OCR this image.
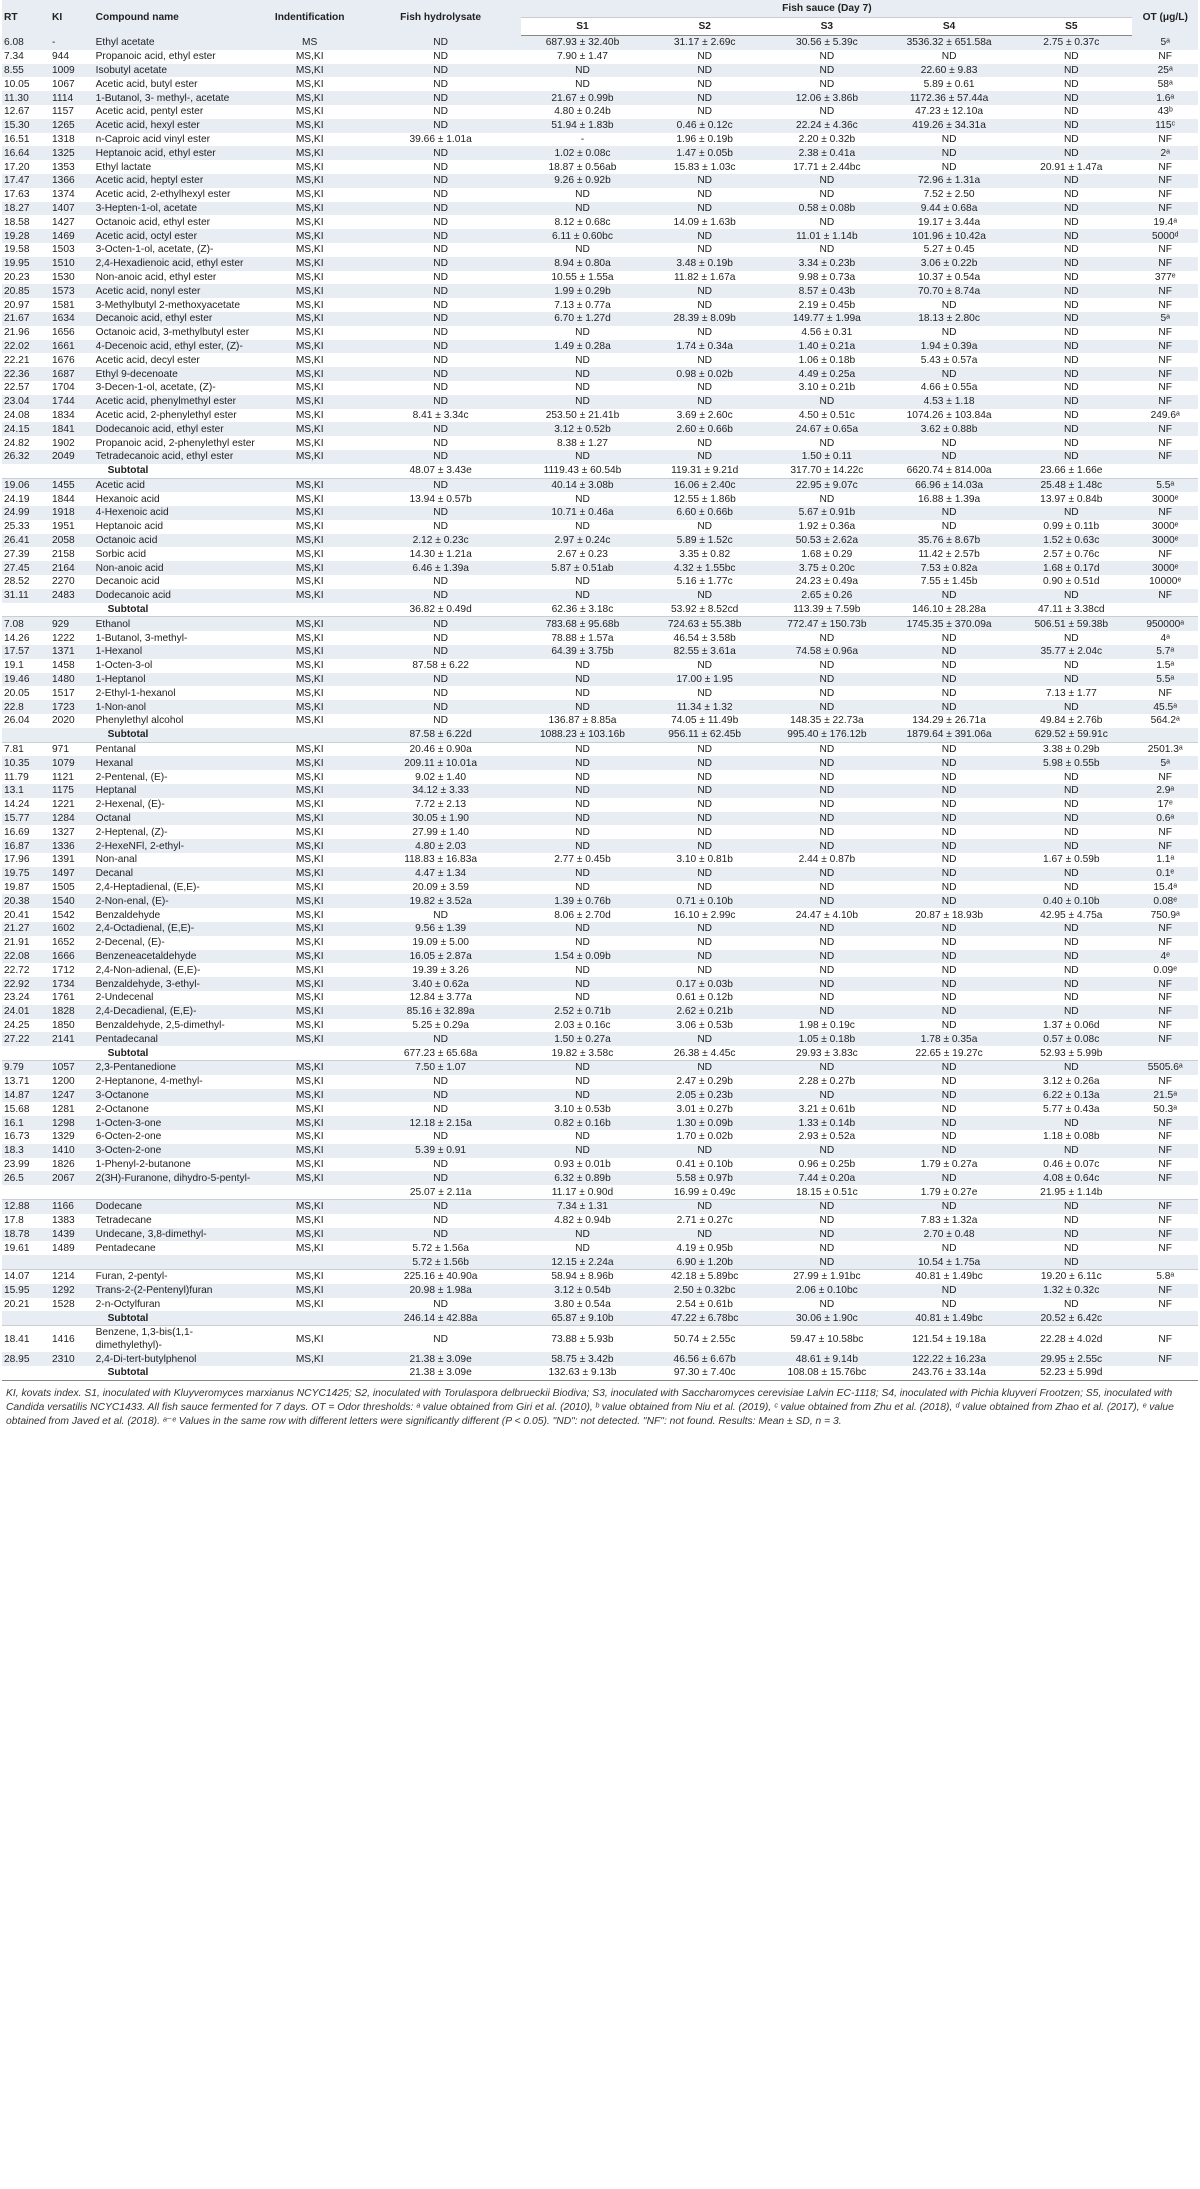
RT	KI	Compound name	Indentification	Fish hydrolysate	Fish sauce (Day 7)					OT (μg/L)
					S1	S2	S3	S4	S5	
6.08	-	Ethyl acetate	MS	ND	687.93 ± 32.40b	31.17 ± 2.69c	30.56 ± 5.39c	3536.32 ± 651.58a	2.75 ± 0.37c	5ᵃ
7.34	944	Propanoic acid, ethyl ester	MS,KI	ND	7.90 ± 1.47	ND	ND	ND	ND	NF
8.55	1009	Isobutyl acetate	MS,KI	ND	ND	ND	ND	22.60 ± 9.83	ND	25ᵃ
10.05	1067	Acetic acid, butyl ester	MS,KI	ND	ND	ND	ND	5.89 ± 0.61	ND	58ᵃ
11.30	1114	1-Butanol, 3- methyl-, acetate	MS,KI	ND	21.67 ± 0.99b	ND	12.06 ± 3.86b	1172.36 ± 57.44a	ND	1.6ᵃ
12.67	1157	Acetic acid, pentyl ester	MS,KI	ND	4.80 ± 0.24b	ND	ND	47.23 ± 12.10a	ND	43ᵇ
15.30	1265	Acetic acid, hexyl ester	MS,KI	ND	51.94 ± 1.83b	0.46 ± 0.12c	22.24 ± 4.36c	419.26 ± 34.31a	ND	115ᶜ
16.51	1318	n-Caproic acid vinyl ester	MS,KI	39.66 ± 1.01a	-	1.96 ± 0.19b	2.20 ± 0.32b	ND	ND	NF
16.64	1325	Heptanoic acid, ethyl ester	MS,KI	ND	1.02 ± 0.08c	1.47 ± 0.05b	2.38 ± 0.41a	ND	ND	2ᵃ
17.20	1353	Ethyl lactate	MS,KI	ND	18.87 ± 0.56ab	15.83 ± 1.03c	17.71 ± 2.44bc	ND	20.91 ± 1.47a	NF
17.47	1366	Acetic acid, heptyl ester	MS,KI	ND	9.26 ± 0.92b	ND	ND	72.96 ± 1.31a	ND	NF
17.63	1374	Acetic acid, 2-ethylhexyl ester	MS,KI	ND	ND	ND	ND	7.52 ± 2.50	ND	NF
18.27	1407	3-Hepten-1-ol, acetate	MS,KI	ND	ND	ND	0.58 ± 0.08b	9.44 ± 0.68a	ND	NF
18.58	1427	Octanoic acid, ethyl ester	MS,KI	ND	8.12 ± 0.68c	14.09 ± 1.63b	ND	19.17 ± 3.44a	ND	19.4ᵃ
19.28	1469	Acetic acid, octyl ester	MS,KI	ND	6.11 ± 0.60bc	ND	11.01 ± 1.14b	101.96 ± 10.42a	ND	5000ᵈ
19.58	1503	3-Octen-1-ol, acetate, (Z)-	MS,KI	ND	ND	ND	ND	5.27 ± 0.45	ND	NF
19.95	1510	2,4-Hexadienoic acid, ethyl ester	MS,KI	ND	8.94 ± 0.80a	3.48 ± 0.19b	3.34 ± 0.23b	3.06 ± 0.22b	ND	NF
20.23	1530	Non-anoic acid, ethyl ester	MS,KI	ND	10.55 ± 1.55a	11.82 ± 1.67a	9.98 ± 0.73a	10.37 ± 0.54a	ND	377ᵉ
20.85	1573	Acetic acid, nonyl ester	MS,KI	ND	1.99 ± 0.29b	ND	8.57 ± 0.43b	70.70 ± 8.74a	ND	NF
20.97	1581	3-Methylbutyl 2-methoxyacetate	MS,KI	ND	7.13 ± 0.77a	ND	2.19 ± 0.45b	ND	ND	NF
21.67	1634	Decanoic acid, ethyl ester	MS,KI	ND	6.70 ± 1.27d	28.39 ± 8.09b	149.77 ± 1.99a	18.13 ± 2.80c	ND	5ᵃ
21.96	1656	Octanoic acid, 3-methylbutyl ester	MS,KI	ND	ND	ND	4.56 ± 0.31	ND	ND	NF
22.02	1661	4-Decenoic acid, ethyl ester, (Z)-	MS,KI	ND	1.49 ± 0.28a	1.74 ± 0.34a	1.40 ± 0.21a	1.94 ± 0.39a	ND	NF
22.21	1676	Acetic acid, decyl ester	MS,KI	ND	ND	ND	1.06 ± 0.18b	5.43 ± 0.57a	ND	NF
22.36	1687	Ethyl 9-decenoate	MS,KI	ND	ND	0.98 ± 0.02b	4.49 ± 0.25a	ND	ND	NF
22.57	1704	3-Decen-1-ol, acetate, (Z)-	MS,KI	ND	ND	ND	3.10 ± 0.21b	4.66 ± 0.55a	ND	NF
23.04	1744	Acetic acid, phenylmethyl ester	MS,KI	ND	ND	ND	ND	4.53 ± 1.18	ND	NF
24.08	1834	Acetic acid, 2-phenylethyl ester	MS,KI	8.41 ± 3.34c	253.50 ± 21.41b	3.69 ± 2.60c	4.50 ± 0.51c	1074.26 ± 103.84a	ND	249.6ᵃ
24.15	1841	Dodecanoic acid, ethyl ester	MS,KI	ND	3.12 ± 0.52b	2.60 ± 0.66b	24.67 ± 0.65a	3.62 ± 0.88b	ND	NF
24.82	1902	Propanoic acid, 2-phenylethyl ester	MS,KI	ND	8.38 ± 1.27	ND	ND	ND	ND	NF
26.32	2049	Tetradecanoic acid, ethyl ester	MS,KI	ND	ND	ND	1.50 ± 0.11	ND	ND	NF
		Subtotal		48.07 ± 3.43e	1119.43 ± 60.54b	119.31 ± 9.21d	317.70 ± 14.22c	6620.74 ± 814.00a	23.66 ± 1.66e	
19.06	1455	Acetic acid	MS,KI	ND	40.14 ± 3.08b	16.06 ± 2.40c	22.95 ± 9.07c	66.96 ± 14.03a	25.48 ± 1.48c	5.5ᵃ
24.19	1844	Hexanoic acid	MS,KI	13.94 ± 0.57b	ND	12.55 ± 1.86b	ND	16.88 ± 1.39a	13.97 ± 0.84b	3000ᵉ
24.99	1918	4-Hexenoic acid	MS,KI	ND	10.71 ± 0.46a	6.60 ± 0.66b	5.67 ± 0.91b	ND	ND	NF
25.33	1951	Heptanoic acid	MS,KI	ND	ND	ND	1.92 ± 0.36a	ND	0.99 ± 0.11b	3000ᵉ
26.41	2058	Octanoic acid	MS,KI	2.12 ± 0.23c	2.97 ± 0.24c	5.89 ± 1.52c	50.53 ± 2.62a	35.76 ± 8.67b	1.52 ± 0.63c	3000ᵉ
27.39	2158	Sorbic acid	MS,KI	14.30 ± 1.21a	2.67 ± 0.23	3.35 ± 0.82	1.68 ± 0.29	11.42 ± 2.57b	2.57 ± 0.76c	NF
27.45	2164	Non-anoic acid	MS,KI	6.46 ± 1.39a	5.87 ± 0.51ab	4.32 ± 1.55bc	3.75 ± 0.20c	7.53 ± 0.82a	1.68 ± 0.17d	3000ᵉ
28.52	2270	Decanoic acid	MS,KI	ND	ND	5.16 ± 1.77c	24.23 ± 0.49a	7.55 ± 1.45b	0.90 ± 0.51d	10000ᵉ
31.11	2483	Dodecanoic acid	MS,KI	ND	ND	ND	2.65 ± 0.26	ND	ND	NF
		Subtotal		36.82 ± 0.49d	62.36 ± 3.18c	53.92 ± 8.52cd	113.39 ± 7.59b	146.10 ± 28.28a	47.11 ± 3.38cd	
7.08	929	Ethanol	MS,KI	ND	783.68 ± 95.68b	724.63 ± 55.38b	772.47 ± 150.73b	1745.35 ± 370.09a	506.51 ± 59.38b	950000ᵃ
14.26	1222	1-Butanol, 3-methyl-	MS,KI	ND	78.88 ± 1.57a	46.54 ± 3.58b	ND	ND	ND	4ᵃ
17.57	1371	1-Hexanol	MS,KI	ND	64.39 ± 3.75b	82.55 ± 3.61a	74.58 ± 0.96a	ND	35.77 ± 2.04c	5.7ᵃ
19.1	1458	1-Octen-3-ol	MS,KI	87.58 ± 6.22	ND	ND	ND	ND	ND	1.5ᵃ
19.46	1480	1-Heptanol	MS,KI	ND	ND	17.00 ± 1.95	ND	ND	ND	5.5ᵃ
20.05	1517	2-Ethyl-1-hexanol	MS,KI	ND	ND	ND	ND	ND	7.13 ± 1.77	NF
22.8	1723	1-Non-anol	MS,KI	ND	ND	11.34 ± 1.32	ND	ND	ND	45.5ᵃ
26.04	2020	Phenylethyl alcohol	MS,KI	ND	136.87 ± 8.85a	74.05 ± 11.49b	148.35 ± 22.73a	134.29 ± 26.71a	49.84 ± 2.76b	564.2ᵃ
		Subtotal		87.58 ± 6.22d	1088.23 ± 103.16b	956.11 ± 62.45b	995.40 ± 176.12b	1879.64 ± 391.06a	629.52 ± 59.91c	
7.81	971	Pentanal	MS,KI	20.46 ± 0.90a	ND	ND	ND	ND	3.38 ± 0.29b	2501.3ᵃ
10.35	1079	Hexanal	MS,KI	209.11 ± 10.01a	ND	ND	ND	ND	5.98 ± 0.55b	5ᵃ
11.79	1121	2-Pentenal, (E)-	MS,KI	9.02 ± 1.40	ND	ND	ND	ND	ND	NF
13.1	1175	Heptanal	MS,KI	34.12 ± 3.33	ND	ND	ND	ND	ND	2.9ᵃ
14.24	1221	2-Hexenal, (E)-	MS,KI	7.72 ± 2.13	ND	ND	ND	ND	ND	17ᵉ
15.77	1284	Octanal	MS,KI	30.05 ± 1.90	ND	ND	ND	ND	ND	0.6ᵃ
16.69	1327	2-Heptenal, (Z)-	MS,KI	27.99 ± 1.40	ND	ND	ND	ND	ND	NF
16.87	1336	2-HexeNFl, 2-ethyl-	MS,KI	4.80 ± 2.03	ND	ND	ND	ND	ND	NF
17.96	1391	Non-anal	MS,KI	118.83 ± 16.83a	2.77 ± 0.45b	3.10 ± 0.81b	2.44 ± 0.87b	ND	1.67 ± 0.59b	1.1ᵃ
19.75	1497	Decanal	MS,KI	4.47 ± 1.34	ND	ND	ND	ND	ND	0.1ᵉ
19.87	1505	2,4-Heptadienal, (E,E)-	MS,KI	20.09 ± 3.59	ND	ND	ND	ND	ND	15.4ᵃ
20.38	1540	2-Non-enal, (E)-	MS,KI	19.82 ± 3.52a	1.39 ± 0.76b	0.71 ± 0.10b	ND	ND	0.40 ± 0.10b	0.08ᵉ
20.41	1542	Benzaldehyde	MS,KI	ND	8.06 ± 2.70d	16.10 ± 2.99c	24.47 ± 4.10b	20.87 ± 18.93b	42.95 ± 4.75a	750.9ᵃ
21.27	1602	2,4-Octadienal, (E,E)-	MS,KI	9.56 ± 1.39	ND	ND	ND	ND	ND	NF
21.91	1652	2-Decenal, (E)-	MS,KI	19.09 ± 5.00	ND	ND	ND	ND	ND	NF
22.08	1666	Benzeneacetaldehyde	MS,KI	16.05 ± 2.87a	1.54 ± 0.09b	ND	ND	ND	ND	4ᵉ
22.72	1712	2,4-Non-adienal, (E,E)-	MS,KI	19.39 ± 3.26	ND	ND	ND	ND	ND	0.09ᵉ
22.92	1734	Benzaldehyde, 3-ethyl-	MS,KI	3.40 ± 0.62a	ND	0.17 ± 0.03b	ND	ND	ND	NF
23.24	1761	2-Undecenal	MS,KI	12.84 ± 3.77a	ND	0.61 ± 0.12b	ND	ND	ND	NF
24.01	1828	2,4-Decadienal, (E,E)-	MS,KI	85.16 ± 32.89a	2.52 ± 0.71b	2.62 ± 0.21b	ND	ND	ND	NF
24.25	1850	Benzaldehyde, 2,5-dimethyl-	MS,KI	5.25 ± 0.29a	2.03 ± 0.16c	3.06 ± 0.53b	1.98 ± 0.19c	ND	1.37 ± 0.06d	NF
27.22	2141	Pentadecanal	MS,KI	ND	1.50 ± 0.27a	ND	1.05 ± 0.18b	1.78 ± 0.35a	0.57 ± 0.08c	NF
		Subtotal		677.23 ± 65.68a	19.82 ± 3.58c	26.38 ± 4.45c	29.93 ± 3.83c	22.65 ± 19.27c	52.93 ± 5.99b	
9.79	1057	2,3-Pentanedione	MS,KI	7.50 ± 1.07	ND	ND	ND	ND	ND	5505.6ᵃ
13.71	1200	2-Heptanone, 4-methyl-	MS,KI	ND	ND	2.47 ± 0.29b	2.28 ± 0.27b	ND	3.12 ± 0.26a	NF
14.87	1247	3-Octanone	MS,KI	ND	ND	2.05 ± 0.23b	ND	ND	6.22 ± 0.13a	21.5ᵃ
15.68	1281	2-Octanone	MS,KI	ND	3.10 ± 0.53b	3.01 ± 0.27b	3.21 ± 0.61b	ND	5.77 ± 0.43a	50.3ᵃ
16.1	1298	1-Octen-3-one	MS,KI	12.18 ± 2.15a	0.82 ± 0.16b	1.30 ± 0.09b	1.33 ± 0.14b	ND	ND	NF
16.73	1329	6-Octen-2-one	MS,KI	ND	ND	1.70 ± 0.02b	2.93 ± 0.52a	ND	1.18 ± 0.08b	NF
18.3	1410	3-Octen-2-one	MS,KI	5.39 ± 0.91	ND	ND	ND	ND	ND	NF
23.99	1826	1-Phenyl-2-butanone	MS,KI	ND	0.93 ± 0.01b	0.41 ± 0.10b	0.96 ± 0.25b	1.79 ± 0.27a	0.46 ± 0.07c	NF
26.5	2067	2(3H)-Furanone, dihydro-5-pentyl-	MS,KI	ND	6.32 ± 0.89b	5.58 ± 0.97b	7.44 ± 0.20a	ND	4.08 ± 0.64c	NF
				25.07 ± 2.11a	11.17 ± 0.90d	16.99 ± 0.49c	18.15 ± 0.51c	1.79 ± 0.27e	21.95 ± 1.14b	
12.88	1166	Dodecane	MS,KI	ND	7.34 ± 1.31	ND	ND	ND	ND	NF
17.8	1383	Tetradecane	MS,KI	ND	4.82 ± 0.94b	2.71 ± 0.27c	ND	7.83 ± 1.32a	ND	NF
18.78	1439	Undecane, 3,8-dimethyl-	MS,KI	ND	ND	ND	ND	2.70 ± 0.48	ND	NF
19.61	1489	Pentadecane	MS,KI	5.72 ± 1.56a	ND	4.19 ± 0.95b	ND	ND	ND	NF
				5.72 ± 1.56b	12.15 ± 2.24a	6.90 ± 1.20b	ND	10.54 ± 1.75a	ND	
14.07	1214	Furan, 2-pentyl-	MS,KI	225.16 ± 40.90a	58.94 ± 8.96b	42.18 ± 5.89bc	27.99 ± 1.91bc	40.81 ± 1.49bc	19.20 ± 6.11c	5.8ᵃ
15.95	1292	Trans-2-(2-Pentenyl)furan	MS,KI	20.98 ± 1.98a	3.12 ± 0.54b	2.50 ± 0.32bc	2.06 ± 0.10bc	ND	1.32 ± 0.32c	NF
20.21	1528	2-n-Octylfuran	MS,KI	ND	3.80 ± 0.54a	2.54 ± 0.61b	ND	ND	ND	NF
		Subtotal		246.14 ± 42.88a	65.87 ± 9.10b	47.22 ± 6.78bc	30.06 ± 1.90c	40.81 ± 1.49bc	20.52 ± 6.42c	
18.41	1416	Benzene, 1,3-bis(1,1-dimethylethyl)-	MS,KI	ND	73.88 ± 5.93b	50.74 ± 2.55c	59.47 ± 10.58bc	121.54 ± 19.18a	22.28 ± 4.02d	NF
28.95	2310	2,4-Di-tert-butylphenol	MS,KI	21.38 ± 3.09e	58.75 ± 3.42b	46.56 ± 6.67b	48.61 ± 9.14b	122.22 ± 16.23a	29.95 ± 2.55c	NF
		Subtotal		21.38 ± 3.09e	132.63 ± 9.13b	97.30 ± 7.40c	108.08 ± 15.76bc	243.76 ± 33.14a	52.23 ± 5.99d	
KI, kovats index. S1, inoculated with Kluyveromyces marxianus NCYC1425; S2, inoculated with Torulaspora delbrueckii Biodiva; S3, inoculated with Saccharomyces cerevisiae Lalvin EC-1118; S4, inoculated with Pichia kluyveri Frootzen; S5, inoculated with Candida versatilis NCYC1433. All fish sauce fermented for 7 days. OT = Odor thresholds: ᵃ value obtained from Giri et al. (2010), ᵇ value obtained from Niu et al. (2019), ᶜ value obtained from Zhu et al. (2018), ᵈ value obtained from Zhao et al. (2017), ᵉ value obtained from Javed et al. (2018). ᵃ⁻ᵉ Values in the same row with different letters were significantly different (P < 0.05). "ND": not detected. "NF": not found. Results: Mean ± SD, n = 3.
